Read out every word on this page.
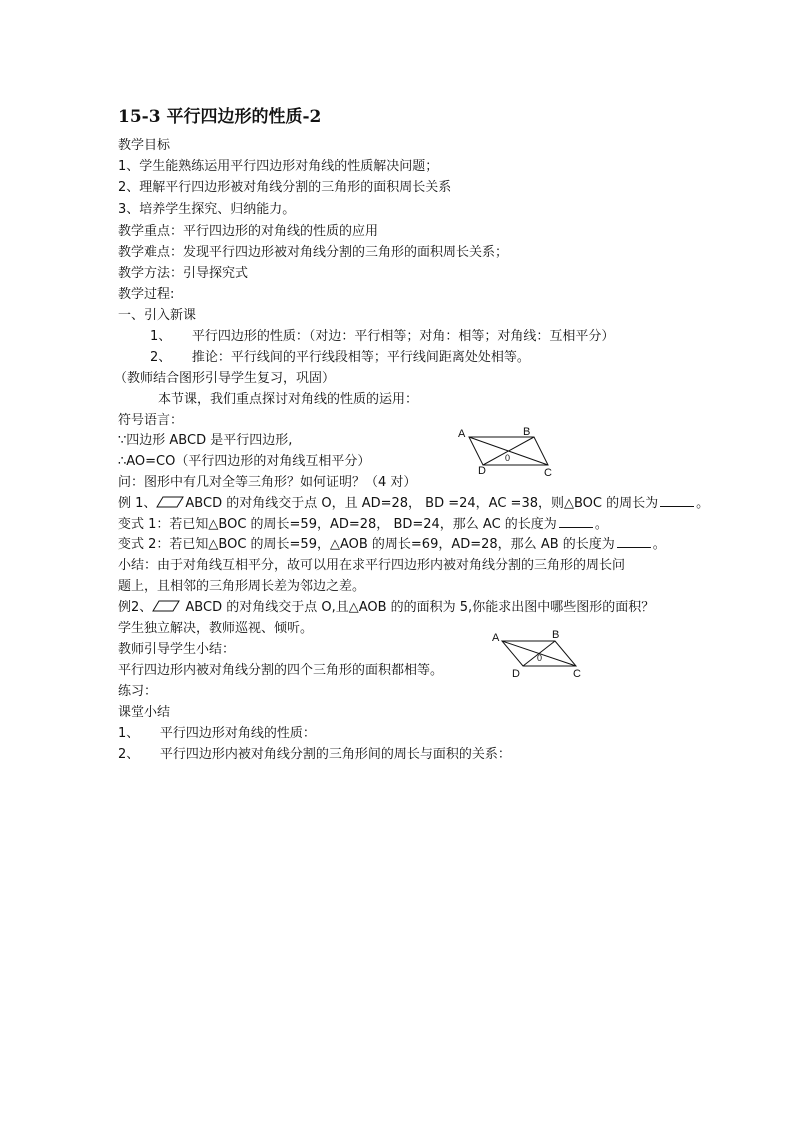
15-3 平行四边形的性质-2
教学目标
1、学生能熟练运用平行四边形对角线的性质解决问题；
2、理解平行四边形被对角线分割的三角形的面积周长关系
3、培养学生探究、归纳能力。
教学重点：平行四边形的对角线的性质的应用
教学难点：发现平行四边形被对角线分割的三角形的面积周长关系；
教学方法：引导探究式
教学过程:
一、引入新课
1、     平行四边形的性质：（对边：平行相等；对角：相等；对角线：互相平分）
2、     推论：平行线间的平行线段相等；平行线间距离处处相等。
（教师结合图形引导学生复习，巩固）
本节课，我们重点探讨对角线的性质的运用：
符号语言：
∵四边形 ABCD 是平行四边形,
∴AO=CO（平行四边形的对角线互相平分）
问：图形中有几对全等三角形？如何证明？（4 对）
例 1、 ABCD 的对角线交于点 O，且 AD=28， BD =24，AC =38，则△BOC 的周长为	。
变式 1：若已知△BOC 的周长=59，AD=28， BD=24，那么 AC 的长度为	。
变式 2：若已知△BOC 的周长=59，△AOB 的周长=69，AD=28，那么 AB 的长度为	。
小结：由于对角线互相平分，故可以用在求平行四边形内被对角线分割的三角形的周长问
题上，且相邻的三角形周长差为邻边之差。
例2、 ABCD 的对角线交于点 O,且△AOB 的的面积为 5,你能求出图中哪些图形的面积？
学生独立解决，教师巡视、倾听。
教师引导学生小结：
平行四边形内被对角线分割的四个三角形的面积都相等。
练习：
课堂小结
1、     平行四边形对角线的性质：
2、     平行四边形内被对角线分割的三角形间的周长与面积的关系：
A	B
C
D
0
A	B
C
D
0
